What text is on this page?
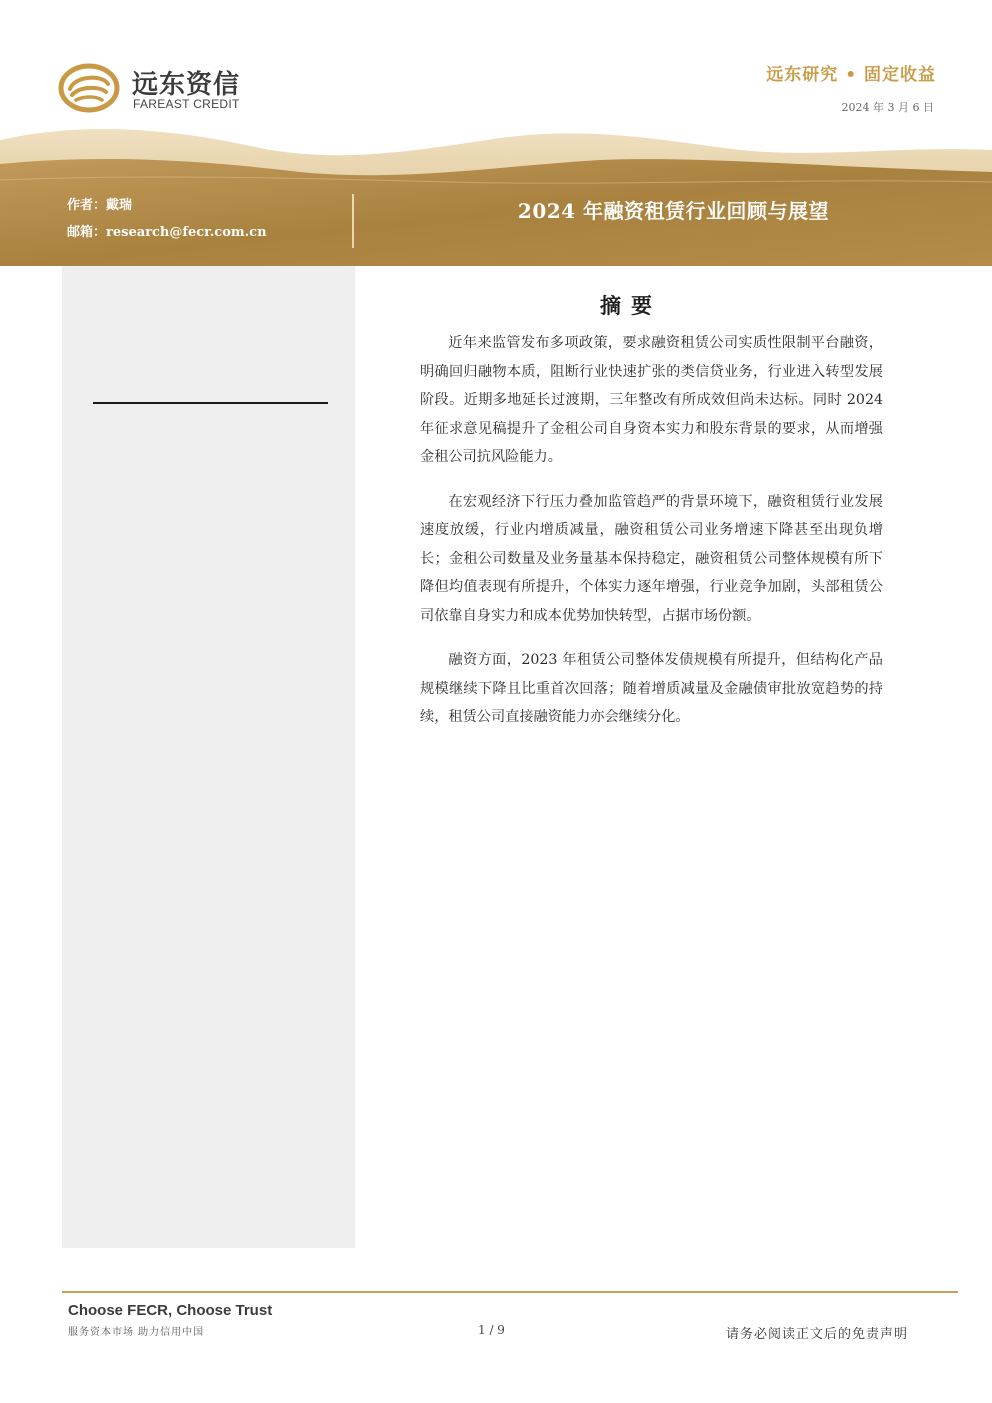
远东资信
FAREAST CREDIT
远东研究 • 固定收益
2024 年 3 月 6 日
作者：戴瑞
邮箱：research@fecr.com.cn
2024 年融资租赁行业回顾与展望
摘要

近年来监管发布多项政策，要求融资租赁公司实质性限制平台融资，明确回归融物本质，阻断行业快速扩张的类信贷业务，行业进入转型发展阶段。近期多地延长过渡期，三年整改有所成效但尚未达标。同时 2024 年征求意见稿提升了金租公司自身资本实力和股东背景的要求，从而增强金租公司抗风险能力。

在宏观经济下行压力叠加监管趋严的背景环境下，融资租赁行业发展速度放缓，行业内增质减量，融资租赁公司业务增速下降甚至出现负增长；金租公司数量及业务量基本保持稳定，融资租赁公司整体规模有所下降但均值表现有所提升，个体实力逐年增强，行业竞争加剧，头部租赁公司依靠自身实力和成本优势加快转型，占据市场份额。

融资方面，2023 年租赁公司整体发债规模有所提升，但结构化产品规模继续下降且比重首次回落；随着增质减量及金融债审批放宽趋势的持续，租赁公司直接融资能力亦会继续分化。

Choose FECR, Choose Trust
服务资本市场 助力信用中国	1 / 9	请务必阅读正文后的免责声明
